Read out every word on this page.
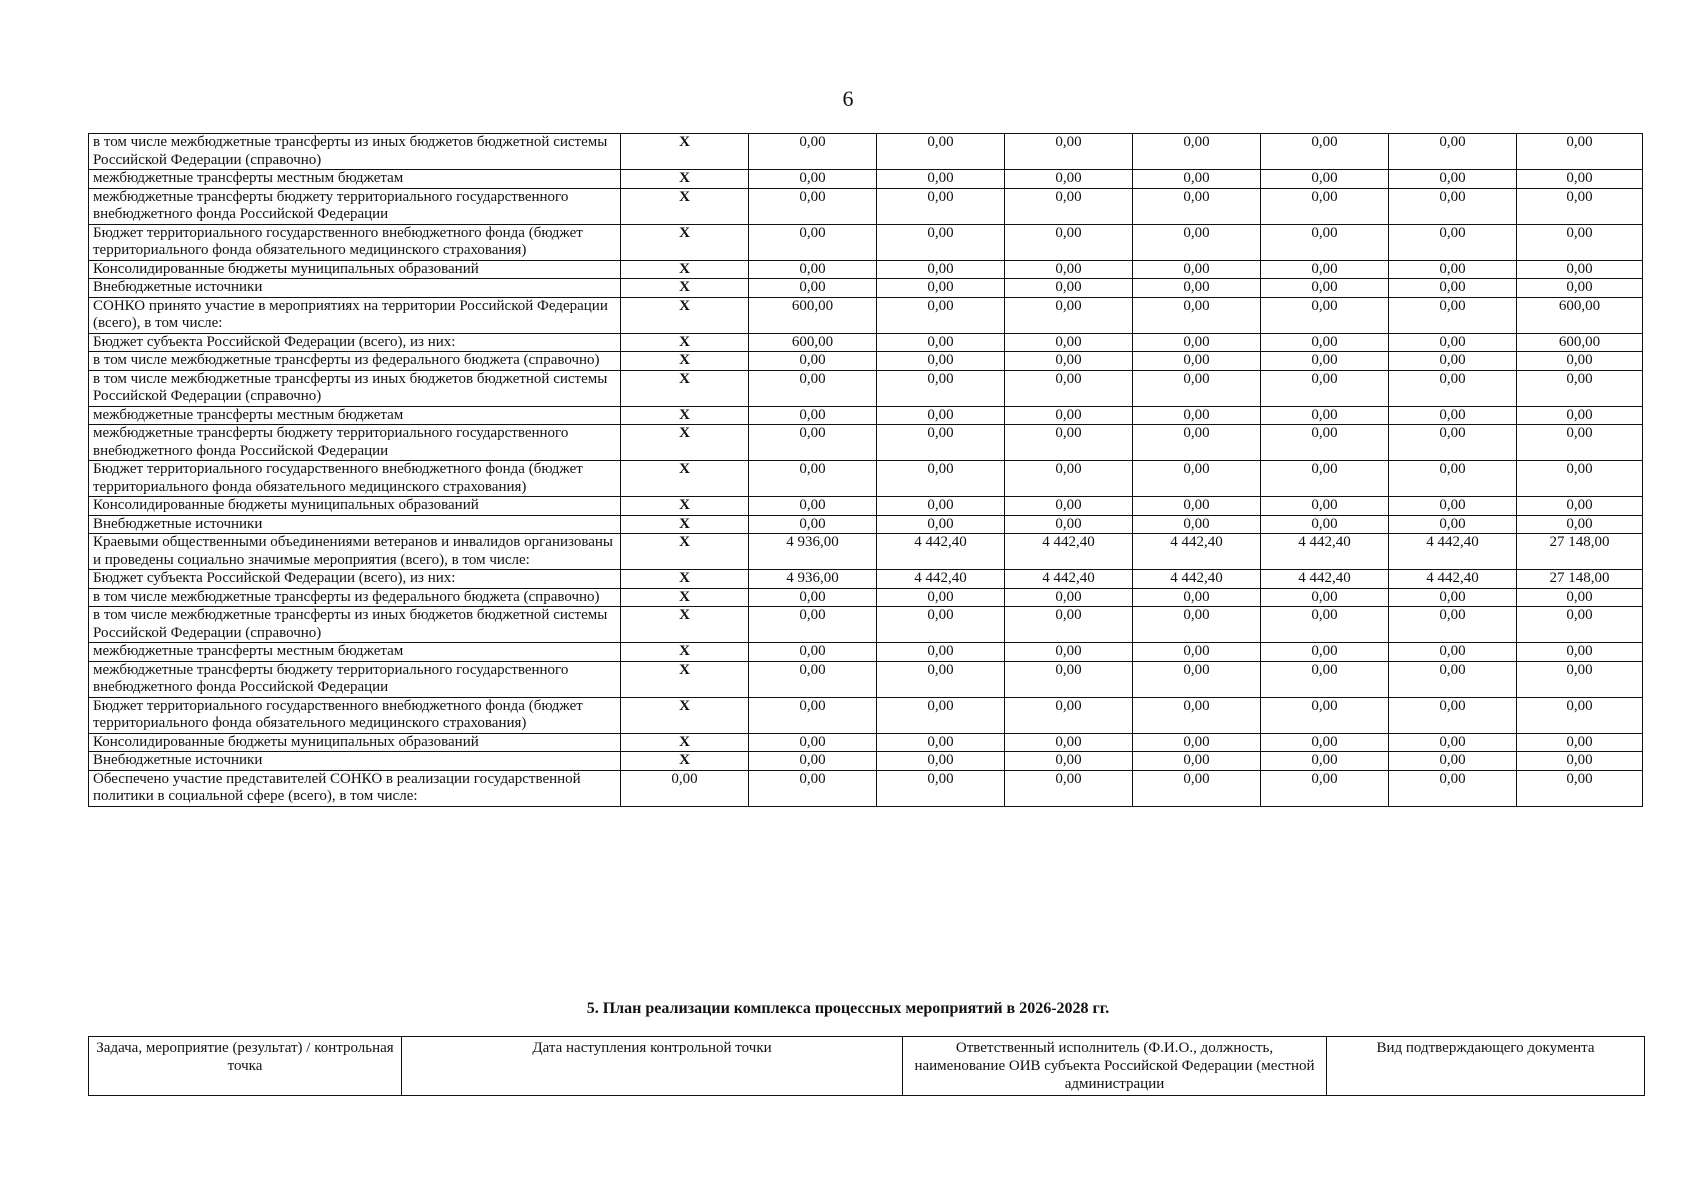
6
в том числе межбюджетные трансферты из иных бюджетов бюджетной системы Российской Федерации (справочно)	X	0,00	0,00	0,00	0,00	0,00	0,00	0,00
межбюджетные трансферты местным бюджетам	X	0,00	0,00	0,00	0,00	0,00	0,00	0,00
межбюджетные трансферты бюджету территориального государственного внебюджетного фонда Российской Федерации	X	0,00	0,00	0,00	0,00	0,00	0,00	0,00
Бюджет территориального государственного внебюджетного фонда (бюджет территориального фонда обязательного медицинского страхования)	X	0,00	0,00	0,00	0,00	0,00	0,00	0,00
Консолидированные бюджеты муниципальных образований	X	0,00	0,00	0,00	0,00	0,00	0,00	0,00
Внебюджетные источники	X	0,00	0,00	0,00	0,00	0,00	0,00	0,00
СОНКО принято участие в мероприятиях на территории Российской Федерации (всего), в том числе:	X	600,00	0,00	0,00	0,00	0,00	0,00	600,00
Бюджет субъекта Российской Федерации (всего), из них:	X	600,00	0,00	0,00	0,00	0,00	0,00	600,00
в том числе межбюджетные трансферты из федерального бюджета (справочно)	X	0,00	0,00	0,00	0,00	0,00	0,00	0,00
в том числе межбюджетные трансферты из иных бюджетов бюджетной системы Российской Федерации (справочно)	X	0,00	0,00	0,00	0,00	0,00	0,00	0,00
межбюджетные трансферты местным бюджетам	X	0,00	0,00	0,00	0,00	0,00	0,00	0,00
межбюджетные трансферты бюджету территориального государственного внебюджетного фонда Российской Федерации	X	0,00	0,00	0,00	0,00	0,00	0,00	0,00
Бюджет территориального государственного внебюджетного фонда (бюджет территориального фонда обязательного медицинского страхования)	X	0,00	0,00	0,00	0,00	0,00	0,00	0,00
Консолидированные бюджеты муниципальных образований	X	0,00	0,00	0,00	0,00	0,00	0,00	0,00
Внебюджетные источники	X	0,00	0,00	0,00	0,00	0,00	0,00	0,00
Краевыми общественными объединениями ветеранов и инвалидов организованы и проведены социально значимые мероприятия (всего), в том числе:	X	4 936,00	4 442,40	4 442,40	4 442,40	4 442,40	4 442,40	27 148,00
Бюджет субъекта Российской Федерации (всего), из них:	X	4 936,00	4 442,40	4 442,40	4 442,40	4 442,40	4 442,40	27 148,00
в том числе межбюджетные трансферты из федерального бюджета (справочно)	X	0,00	0,00	0,00	0,00	0,00	0,00	0,00
в том числе межбюджетные трансферты из иных бюджетов бюджетной системы Российской Федерации (справочно)	X	0,00	0,00	0,00	0,00	0,00	0,00	0,00
межбюджетные трансферты местным бюджетам	X	0,00	0,00	0,00	0,00	0,00	0,00	0,00
межбюджетные трансферты бюджету территориального государственного внебюджетного фонда Российской Федерации	X	0,00	0,00	0,00	0,00	0,00	0,00	0,00
Бюджет территориального государственного внебюджетного фонда (бюджет территориального фонда обязательного медицинского страхования)	X	0,00	0,00	0,00	0,00	0,00	0,00	0,00
Консолидированные бюджеты муниципальных образований	X	0,00	0,00	0,00	0,00	0,00	0,00	0,00
Внебюджетные источники	X	0,00	0,00	0,00	0,00	0,00	0,00	0,00
Обеспечено участие представителей СОНКО в реализации государственной политики в социальной сфере (всего), в том числе:	0,00	0,00	0,00	0,00	0,00	0,00	0,00	0,00
5. План реализации комплекса процессных мероприятий в 2026-2028 гг.
Задача, мероприятие (результат) / контрольная точка	Дата наступления контрольной точки	Ответственный исполнитель (Ф.И.О., должность, наименование ОИВ субъекта Российской Федерации (местной администрации	Вид подтверждающего документа
